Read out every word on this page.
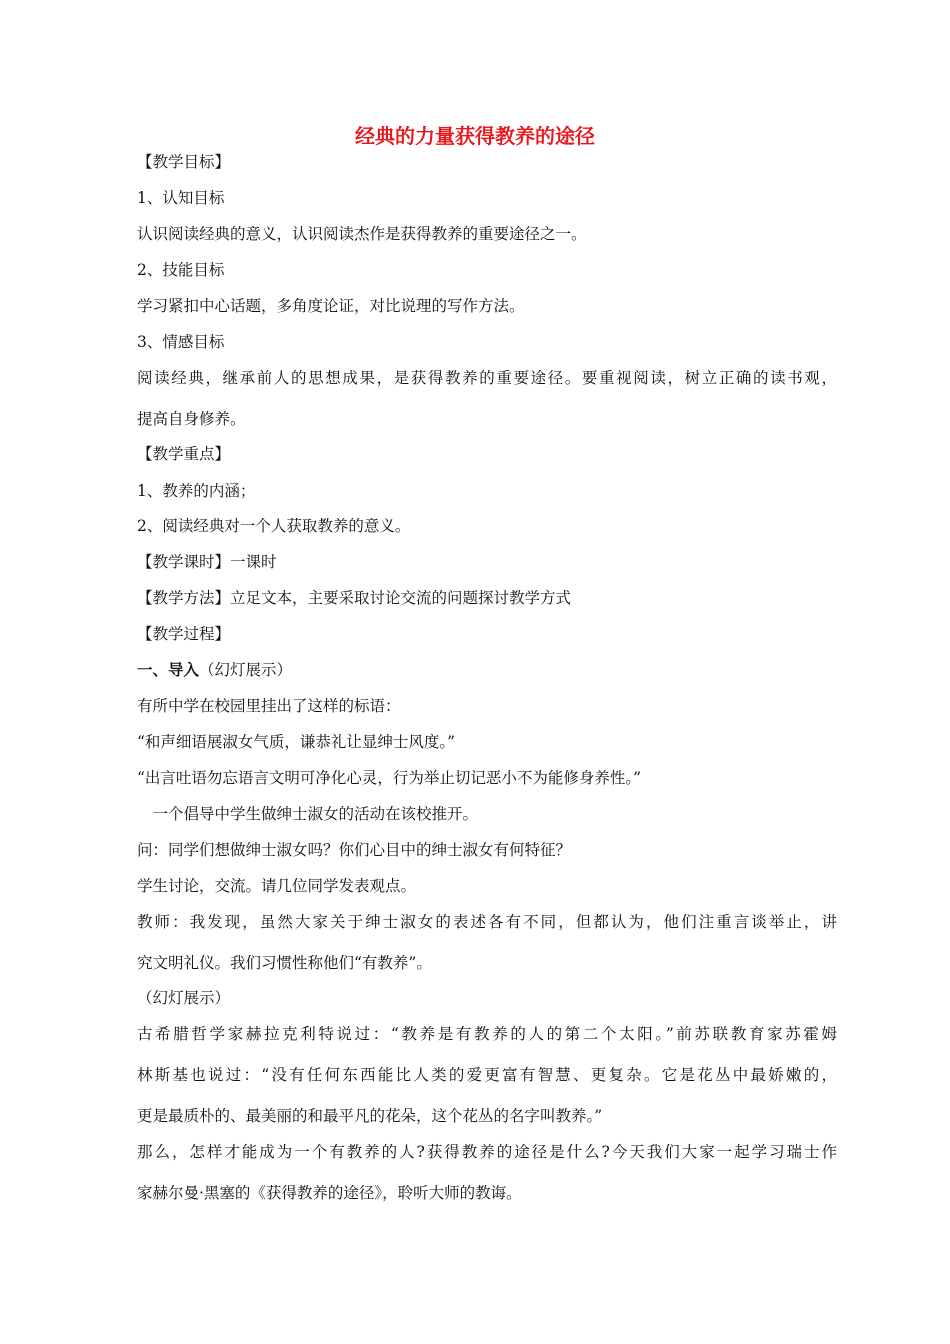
经典的力量获得教养的途径
【教学目标】
1、认知目标
认识阅读经典的意义，认识阅读杰作是获得教养的重要途径之一。
2、技能目标
学习紧扣中心话题，多角度论证，对比说理的写作方法。
3、情感目标
阅读经典，继承前人的思想成果，是获得教养的重要途径。要重视阅读，树立正确的读书观，
提高自身修养。
【教学重点】
1、教养的内涵；
2、阅读经典对一个人获取教养的意义。
【教学课时】一课时
【教学方法】立足文本，主要采取讨论交流的问题探讨教学方式
【教学过程】
一、导入（幻灯展示）
有所中学在校园里挂出了这样的标语：
“和声细语展淑女气质，谦恭礼让显绅士风度。”
“出言吐语勿忘语言文明可净化心灵，行为举止切记恶小不为能修身养性。”
　一个倡导中学生做绅士淑女的活动在该校推开。
问：同学们想做绅士淑女吗？你们心目中的绅士淑女有何特征？
学生讨论，交流。请几位同学发表观点。
教师：我发现，虽然大家关于绅士淑女的表述各有不同，但都认为，他们注重言谈举止，讲
究文明礼仪。我们习惯性称他们“有教养”。
（幻灯展示）
古希腊哲学家赫拉克利特说过：“教养是有教养的人的第二个太阳。”前苏联教育家苏霍姆
林斯基也说过：“没有任何东西能比人类的爱更富有智慧、更复杂。它是花丛中最娇嫩的，
更是最质朴的、最美丽的和最平凡的花朵，这个花丛的名字叫教养。”
那么，怎样才能成为一个有教养的人?获得教养的途径是什么?今天我们大家一起学习瑞士作
家赫尔曼·黑塞的《获得教养的途径》，聆听大师的教诲。
